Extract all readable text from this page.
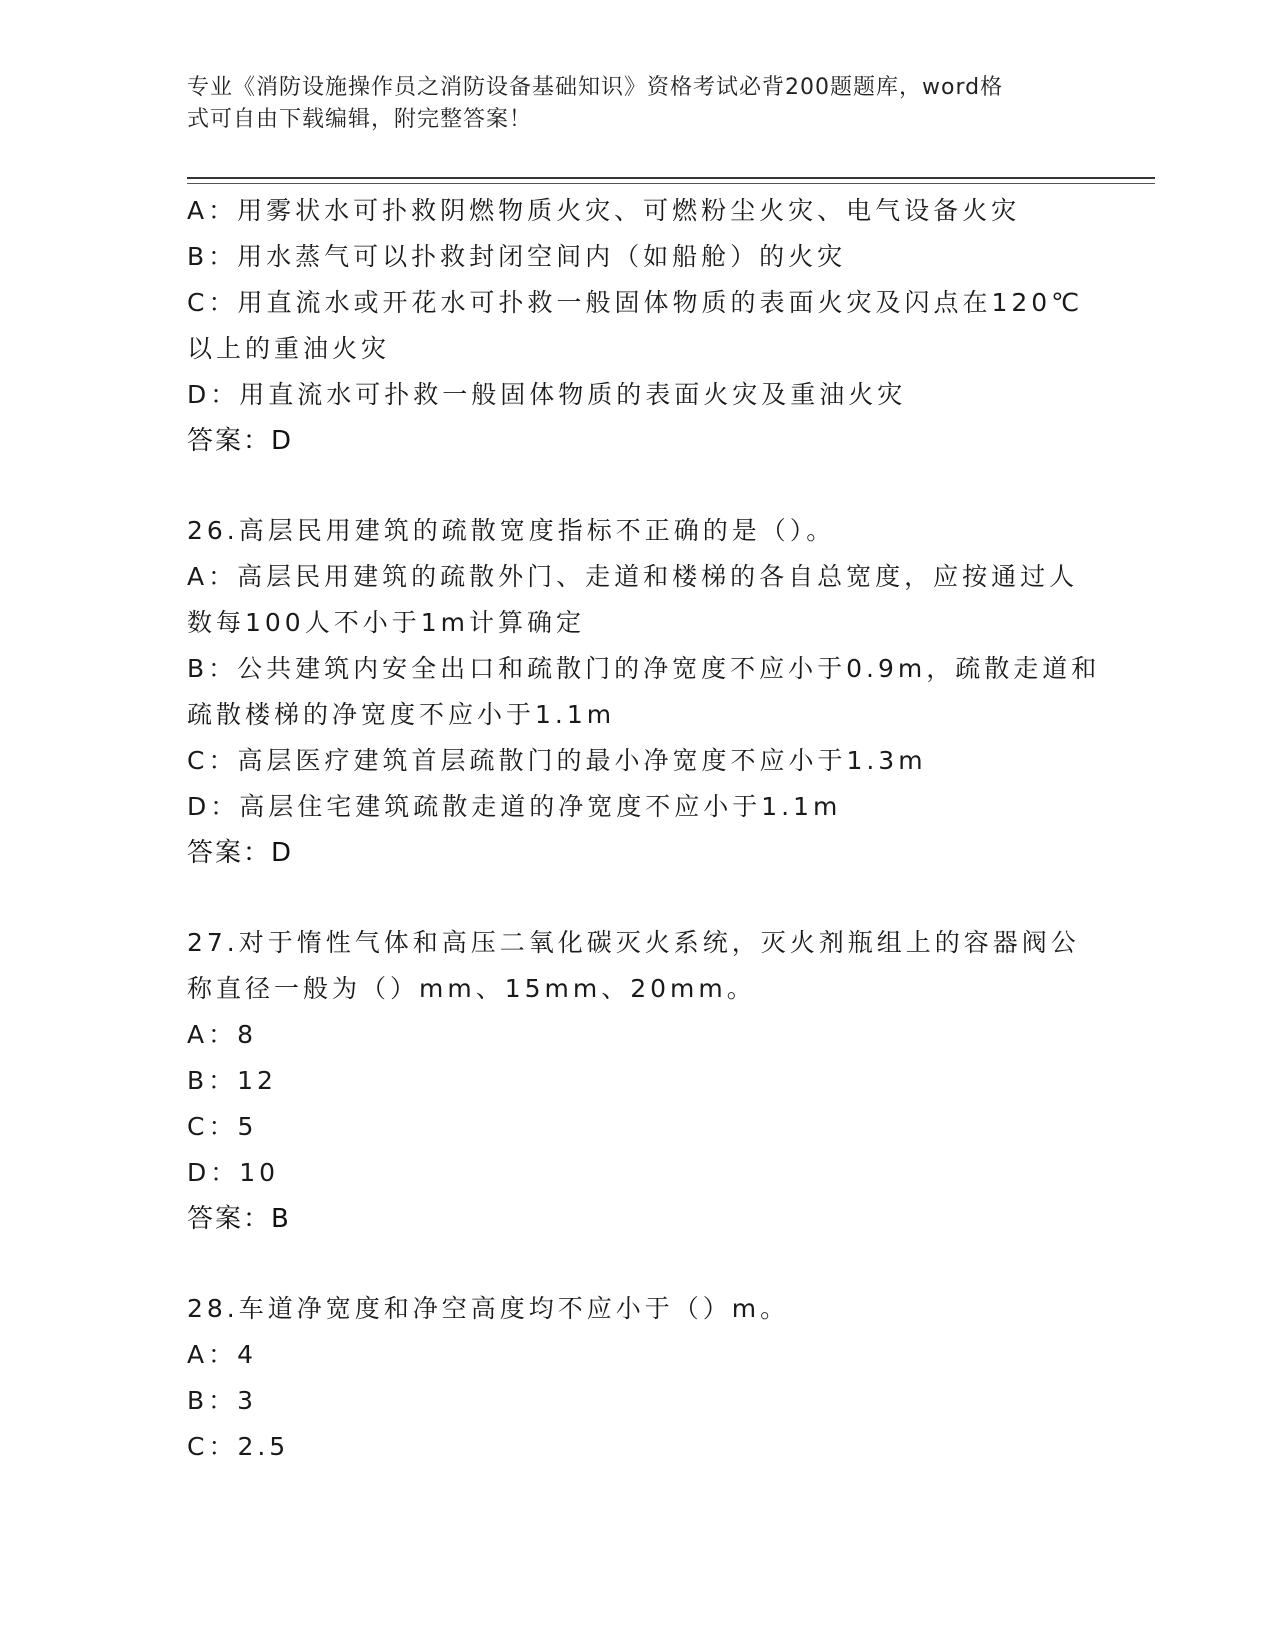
专业《消防设施操作员之消防设备基础知识》资格考试必背200题题库，word格
式可自由下载编辑，附完整答案！
A：用雾状水可扑救阴燃物质火灾、可燃粉尘火灾、电气设备火灾
B：用水蒸气可以扑救封闭空间内（如船舱）的火灾
C：用直流水或开花水可扑救一般固体物质的表面火灾及闪点在120℃
以上的重油火灾
D：用直流水可扑救一般固体物质的表面火灾及重油火灾
答案：D
26.高层民用建筑的疏散宽度指标不正确的是（）。
A：高层民用建筑的疏散外门、走道和楼梯的各自总宽度，应按通过人
数每100人不小于1m计算确定
B：公共建筑内安全出口和疏散门的净宽度不应小于0.9m，疏散走道和
疏散楼梯的净宽度不应小于1.1m
C：高层医疗建筑首层疏散门的最小净宽度不应小于1.3m
D：高层住宅建筑疏散走道的净宽度不应小于1.1m
答案：D
27.对于惰性气体和高压二氧化碳灭火系统，灭火剂瓶组上的容器阀公
称直径一般为（）mm、15mm、20mm。
A：8
B：12
C：5
D：10
答案：B
28.车道净宽度和净空高度均不应小于（）m。
A：4
B：3
C：2.5
